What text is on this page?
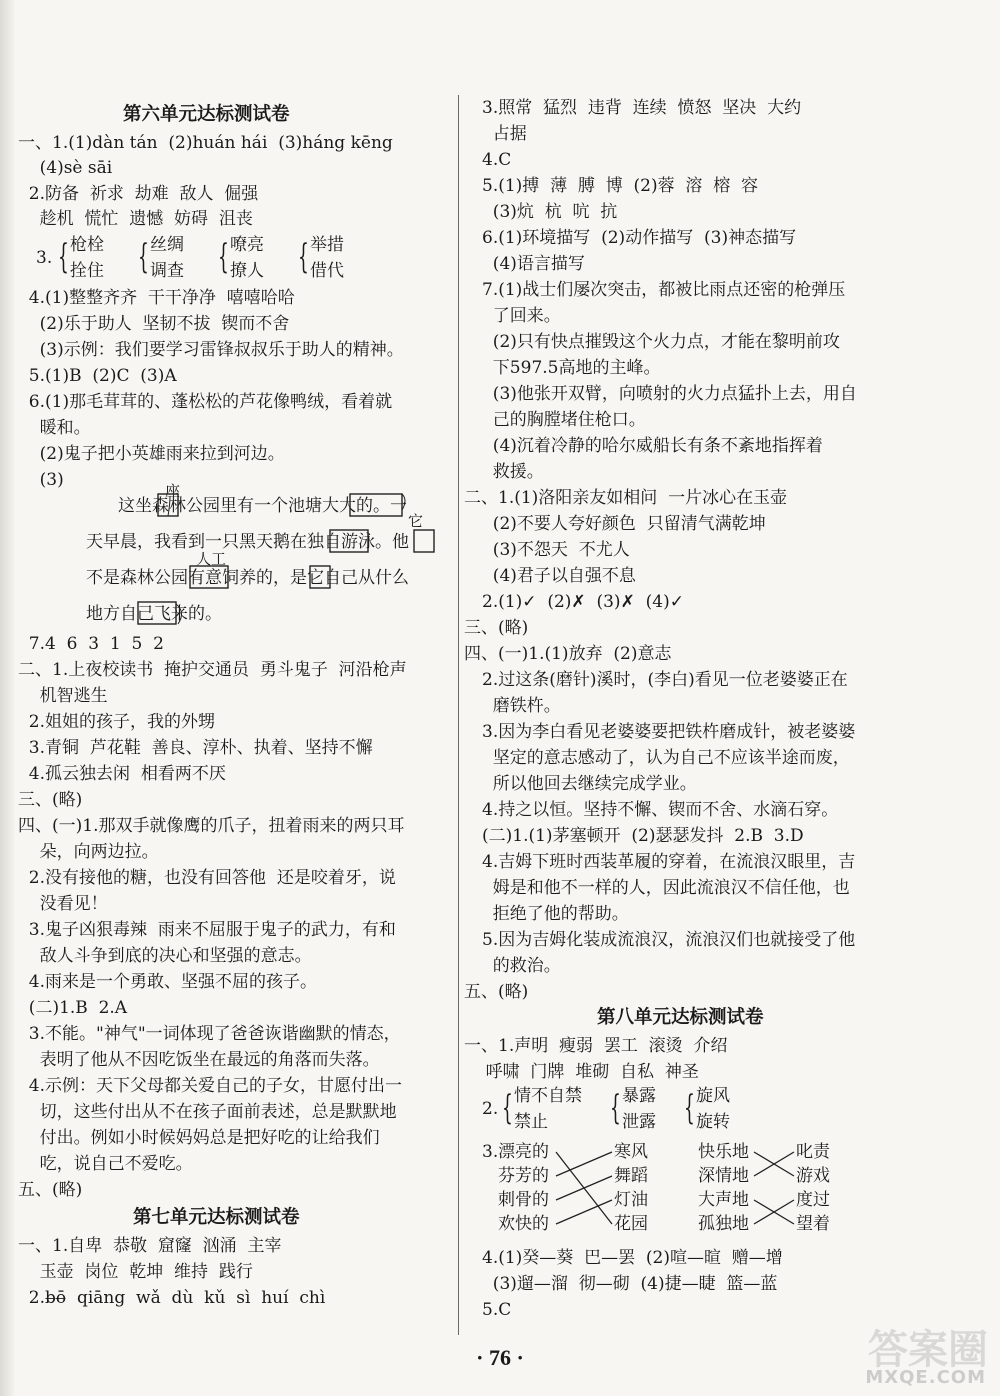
第六单元达标测试卷
一、1.(1)dàn tán  (2)huán hái  (3)háng kēng
(4)sè sāi
2.防备  祈求  劫难  敌人  倔强
趁机  慌忙  遗憾  妨碍  沮丧
3. { 枪栓
拴住 { 丝绸
调查 { 嘹亮
撩人 { 举措
借代
4.(1)整整齐齐  干干净净  嘻嘻哈哈
(2)乐于助人  坚韧不拔  锲而不舍
(3)示例：我们要学习雷锋叔叔乐于助人的精神。
5.(1)B  (2)C  (3)A
6.(1)那毛茸茸的、蓬松松的芦花像鸭绒，看着就
暖和。
(2)鬼子把小英雄雨来拉到河边。
(3)
座
这坐森林公园里有一个池塘大大的。一
它
天早晨，我看到一只黑天鹅在独自游泳。他
人工
不是森林公园有意饲养的，是它自己从什么
地方自己飞来的。
7.4  6  3  1  5  2
二、1.上夜校读书  掩护交通员  勇斗鬼子  河沿枪声
机智逃生
2.姐姐的孩子，我的外甥
3.青铜  芦花鞋  善良、淳朴、执着、坚持不懈
4.孤云独去闲  相看两不厌
三、(略)
四、(一)1.那双手就像鹰的爪子，扭着雨来的两只耳
朵，向两边拉。
2.没有接他的糖，也没有回答他  还是咬着牙，说
没看见！
3.鬼子凶狠毒辣  雨来不屈服于鬼子的武力，有和
敌人斗争到底的决心和坚强的意志。
4.雨来是一个勇敢、坚强不屈的孩子。
(二)1.B  2.A
3.不能。"神气"一词体现了爸爸诙谐幽默的情态，
表明了他从不因吃饭坐在最远的角落而失落。
4.示例：天下父母都关爱自己的子女，甘愿付出一
切，这些付出从不在孩子面前表述，总是默默地
付出。例如小时候妈妈总是把好吃的让给我们
吃，说自己不爱吃。
五、(略)
第七单元达标测试卷
一、1.自卑  恭敬  窟窿  汹涌  主宰
玉壶  岗位  乾坤  维持  践行
2.b̶ō̶  qiāng  wǎ  dù  kǔ  sì  huí  chì
3.照常  猛烈  违背  连续  愤怒  坚决  大约
占据
4.C
5.(1)搏  薄  膊  博  (2)蓉  溶  榕  容
(3)炕  杭  吭  抗
6.(1)环境描写  (2)动作描写  (3)神态描写
(4)语言描写
7.(1)战士们屡次突击，都被比雨点还密的枪弹压
了回来。
(2)只有快点摧毁这个火力点，才能在黎明前攻
下597.5高地的主峰。
(3)他张开双臂，向喷射的火力点猛扑上去，用自
己的胸膛堵住枪口。
(4)沉着冷静的哈尔威船长有条不紊地指挥着
救援。
二、1.(1)洛阳亲友如相问  一片冰心在玉壶
(2)不要人夸好颜色  只留清气满乾坤
(3)不怨天  不尤人
(4)君子以自强不息
2.(1)✓  (2)✗  (3)✗  (4)✓
三、(略)
四、(一)1.(1)放弃  (2)意志
2.过这条(磨针)溪时，(李白)看见一位老婆婆正在
磨铁杵。
3.因为李白看见老婆婆要把铁杵磨成针，被老婆婆
坚定的意志感动了，认为自己不应该半途而废，
所以他回去继续完成学业。
4.持之以恒。坚持不懈、锲而不舍、水滴石穿。
(二)1.(1)茅塞顿开  (2)瑟瑟发抖  2.B  3.D
4.吉姆下班时西装革履的穿着，在流浪汉眼里，吉
姆是和他不一样的人，因此流浪汉不信任他，也
拒绝了他的帮助。
5.因为吉姆化装成流浪汉，流浪汉们也就接受了他
的救治。
五、(略)
第八单元达标测试卷
一、1.声明  瘦弱  罢工  滚烫  介绍
呼啸  门牌  堆砌  自私  神圣
2. { 情不自禁
禁止 { 暴露
泄露 { 旋风
旋转
3. 漂亮的
芬芳的
刺骨的
欢快的
寒风
舞蹈
灯油
花园
快乐地
深情地
大声地
孤独地
叱责
游戏
度过
望着
4.(1)癸—葵  巴—罢  (2)喧—暄  赠—增
(3)遛—溜  彻—砌  (4)捷—睫  篮—蓝
5.C
· 76 ·	答案圈
MXQE.COM
